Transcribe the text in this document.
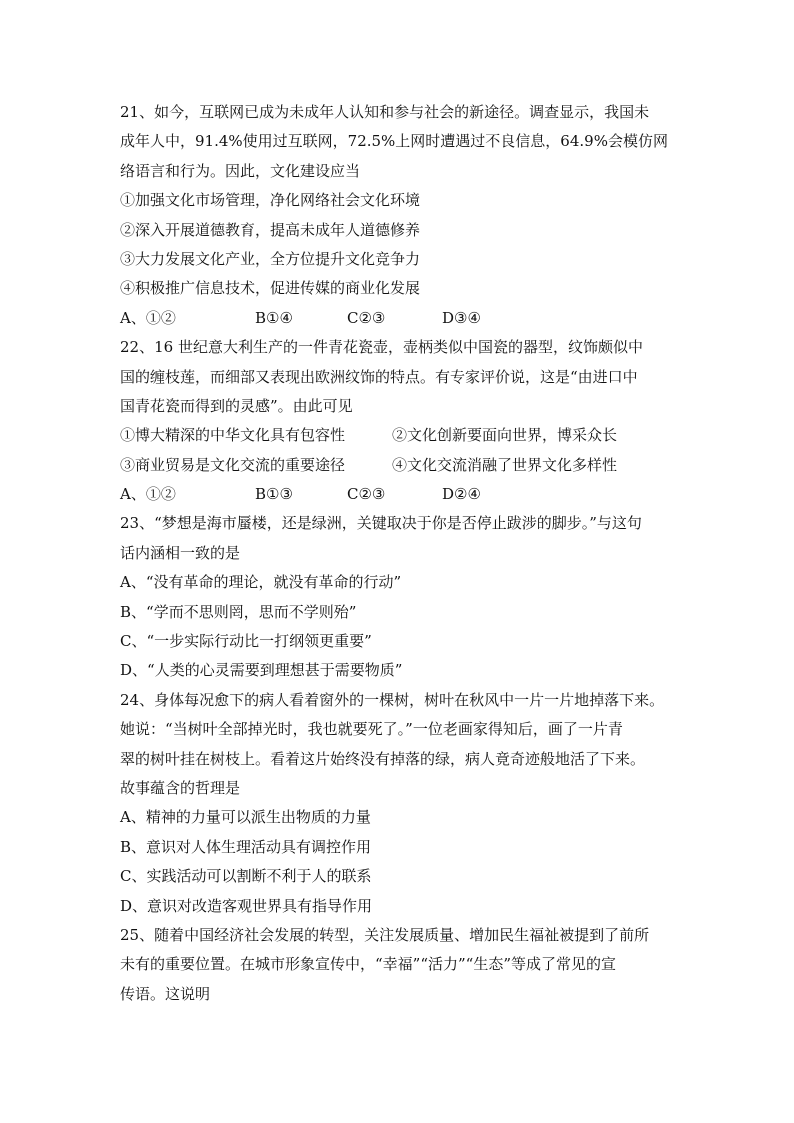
21、如今，互联网已成为未成年人认知和参与社会的新途径。调查显示，我国未
成年人中，91.4%使用过互联网，72.5%上网时遭遇过不良信息，64.9%会模仿网
络语言和行为。因此，文化建设应当
①加强文化市场管理，净化网络社会文化环境
②深入开展道德教育，提高未成年人道德修养
③大力发展文化产业，全方位提升文化竞争力
④积极推广信息技术，促进传媒的商业化发展
A、①②	B①④	C②③	D③④
22、16 世纪意大利生产的一件青花瓷壶，壶柄类似中国瓷的器型，纹饰颇似中
国的缠枝莲，而细部又表现出欧洲纹饰的特点。有专家评价说，这是“由进口中
国青花瓷而得到的灵感”。由此可见
①博大精深的中华文化具有包容性	②文化创新要面向世界，博采众长
③商业贸易是文化交流的重要途径	④文化交流消融了世界文化多样性
A、①②	B①③	C②③	D②④
23、“梦想是海市蜃楼，还是绿洲，关键取决于你是否停止跋涉的脚步。”与这句
话内涵相一致的是
A、“没有革命的理论，就没有革命的行动”
B、“学而不思则罔，思而不学则殆”
C、“一步实际行动比一打纲领更重要”
D、“人类的心灵需要到理想甚于需要物质”
24、身体每况愈下的病人看着窗外的一棵树，树叶在秋风中一片一片地掉落下来。
她说：“当树叶全部掉光时，我也就要死了。”一位老画家得知后，画了一片青
翠的树叶挂在树枝上。看着这片始终没有掉落的绿，病人竟奇迹般地活了下来。
故事蕴含的哲理是
A、精神的力量可以派生出物质的力量
B、意识对人体生理活动具有调控作用
C、实践活动可以割断不利于人的联系
D、意识对改造客观世界具有指导作用
25、随着中国经济社会发展的转型，关注发展质量、增加民生福祉被提到了前所
未有的重要位置。在城市形象宣传中，“幸福”“活力”“生态”等成了常见的宣
传语。这说明
